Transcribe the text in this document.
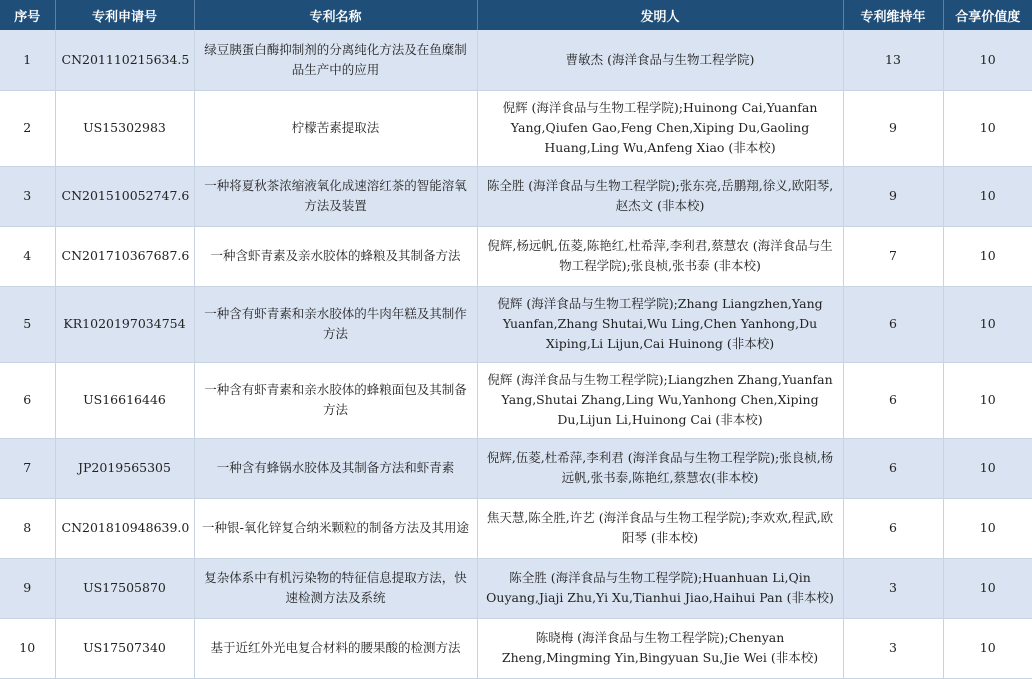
序号	专利申请号	专利名称	发明人	专利维持年	合享价值度
1	CN201110215634.5	绿豆胰蛋白酶抑制剂的分离纯化方法及在鱼糜制品生产中的应用	曹敏杰 (海洋食品与生物工程学院)	13	10
2	US15302983	柠檬苦素提取法	倪辉 (海洋食品与生物工程学院);Huinong Cai,Yuanfan Yang,Qiufen Gao,Feng Chen,Xiping Du,Gaoling Huang,Ling Wu,Anfeng Xiao (非本校)	9	10
3	CN201510052747.6	一种将夏秋茶浓缩液氧化成速溶红茶的智能溶氧方法及装置	陈全胜 (海洋食品与生物工程学院);张东亮,岳鹏翔,徐义,欧阳琴,赵杰文 (非本校)	9	10
4	CN201710367687.6	一种含虾青素及亲水胶体的蜂粮及其制备方法	倪辉,杨远帆,伍菱,陈艳红,杜希萍,李利君,蔡慧农 (海洋食品与生物工程学院);张良桢,张书泰 (非本校)	7	10
5	KR1020197034754	一种含有虾青素和亲水胶体的牛肉年糕及其制作方法	倪辉 (海洋食品与生物工程学院);Zhang Liangzhen,Yang Yuanfan,Zhang Shutai,Wu Ling,Chen Yanhong,Du Xiping,Li Lijun,Cai Huinong (非本校)	6	10
6	US16616446	一种含有虾青素和亲水胶体的蜂粮面包及其制备方法	倪辉 (海洋食品与生物工程学院);Liangzhen Zhang,Yuanfan Yang,Shutai Zhang,Ling Wu,Yanhong Chen,Xiping Du,Lijun Li,Huinong Cai (非本校)	6	10
7	JP2019565305	一种含有蜂锅水胶体及其制备方法和虾青素	倪辉,伍菱,杜希萍,李利君 (海洋食品与生物工程学院);张良桢,杨远帆,张书泰,陈艳红,蔡慧农(非本校)	6	10
8	CN201810948639.0	一种银-氧化锌复合纳米颗粒的制备方法及其用途	焦天慧,陈全胜,许艺 (海洋食品与生物工程学院);李欢欢,程武,欧阳琴 (非本校)	6	10
9	US17505870	复杂体系中有机污染物的特征信息提取方法，快速检测方法及系统	陈全胜 (海洋食品与生物工程学院);Huanhuan Li,Qin Ouyang,Jiaji Zhu,Yi Xu,Tianhui Jiao,Haihui Pan (非本校)	3	10
10	US17507340	基于近红外光电复合材料的腰果酸的检测方法	陈晓梅 (海洋食品与生物工程学院);Chenyan Zheng,Mingming Yin,Bingyuan Su,Jie Wei (非本校)	3	10
